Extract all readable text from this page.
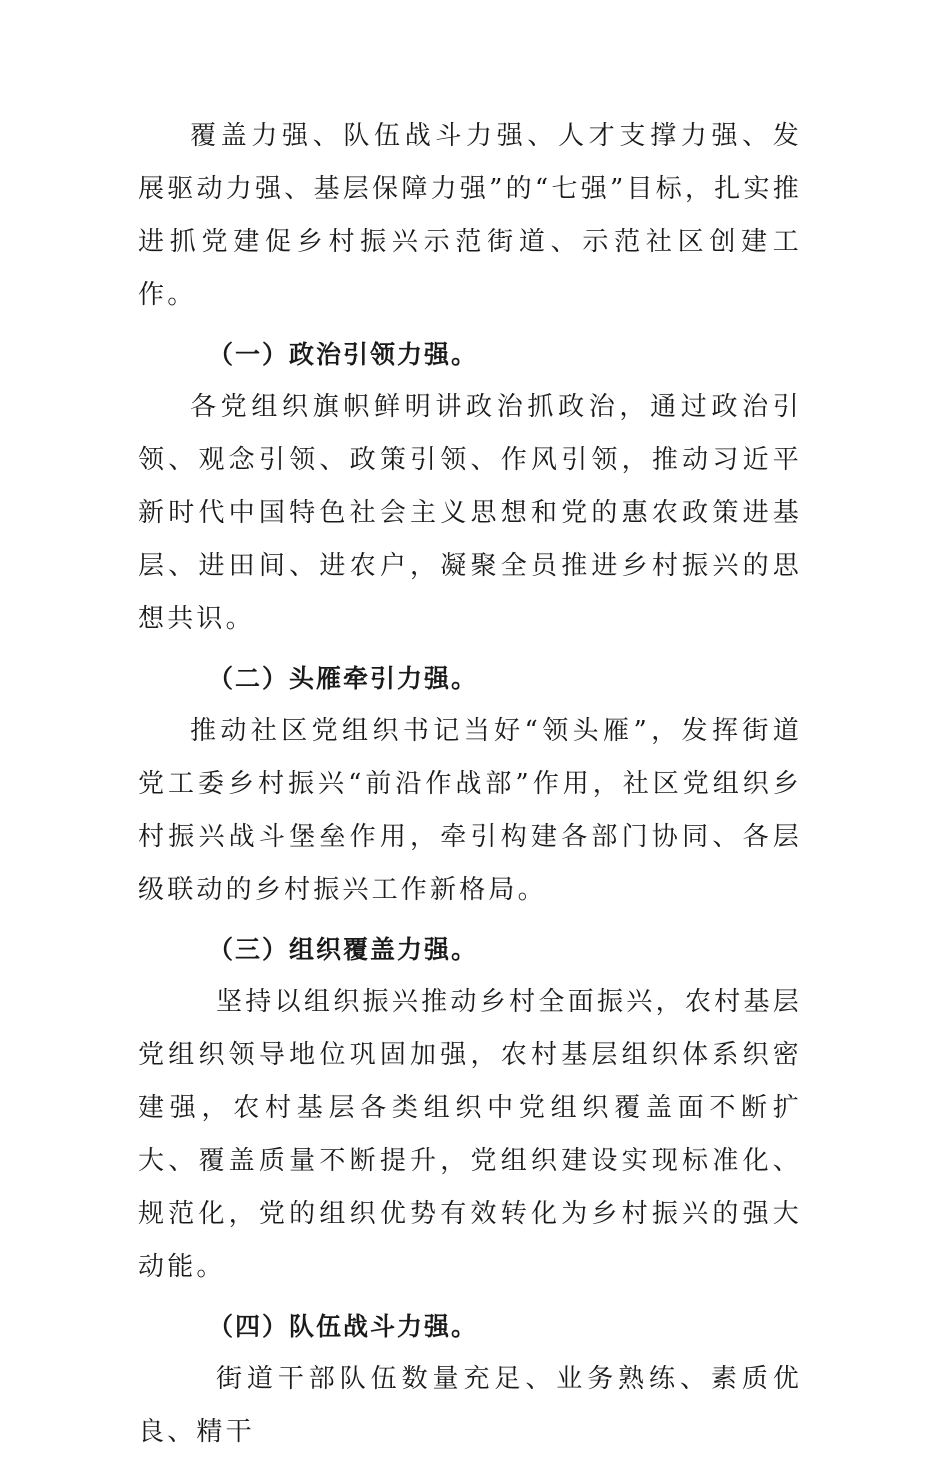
覆盖力强、队伍战斗力强、人才支撑力强、发展驱动力强、基层保障力强”的“七强”目标，扎实推进抓党建促乡村振兴示范街道、示范社区创建工作。

（一）政治引领力强。

各党组织旗帜鲜明讲政治抓政治，通过政治引领、观念引领、政策引领、作风引领，推动习近平新时代中国特色社会主义思想和党的惠农政策进基层、进田间、进农户，凝聚全员推进乡村振兴的思想共识。

（二）头雁牵引力强。

推动社区党组织书记当好“领头雁”，发挥街道党工委乡村振兴“前沿作战部”作用，社区党组织乡村振兴战斗堡垒作用，牵引构建各部门协同、各层级联动的乡村振兴工作新格局。

（三）组织覆盖力强。

坚持以组织振兴推动乡村全面振兴，农村基层党组织领导地位巩固加强，农村基层组织体系织密建强，农村基层各类组织中党组织覆盖面不断扩大、覆盖质量不断提升，党组织建设实现标准化、规范化，党的组织优势有效转化为乡村振兴的强大动能。

（四）队伍战斗力强。

街道干部队伍数量充足、业务熟练、素质优良、精干
